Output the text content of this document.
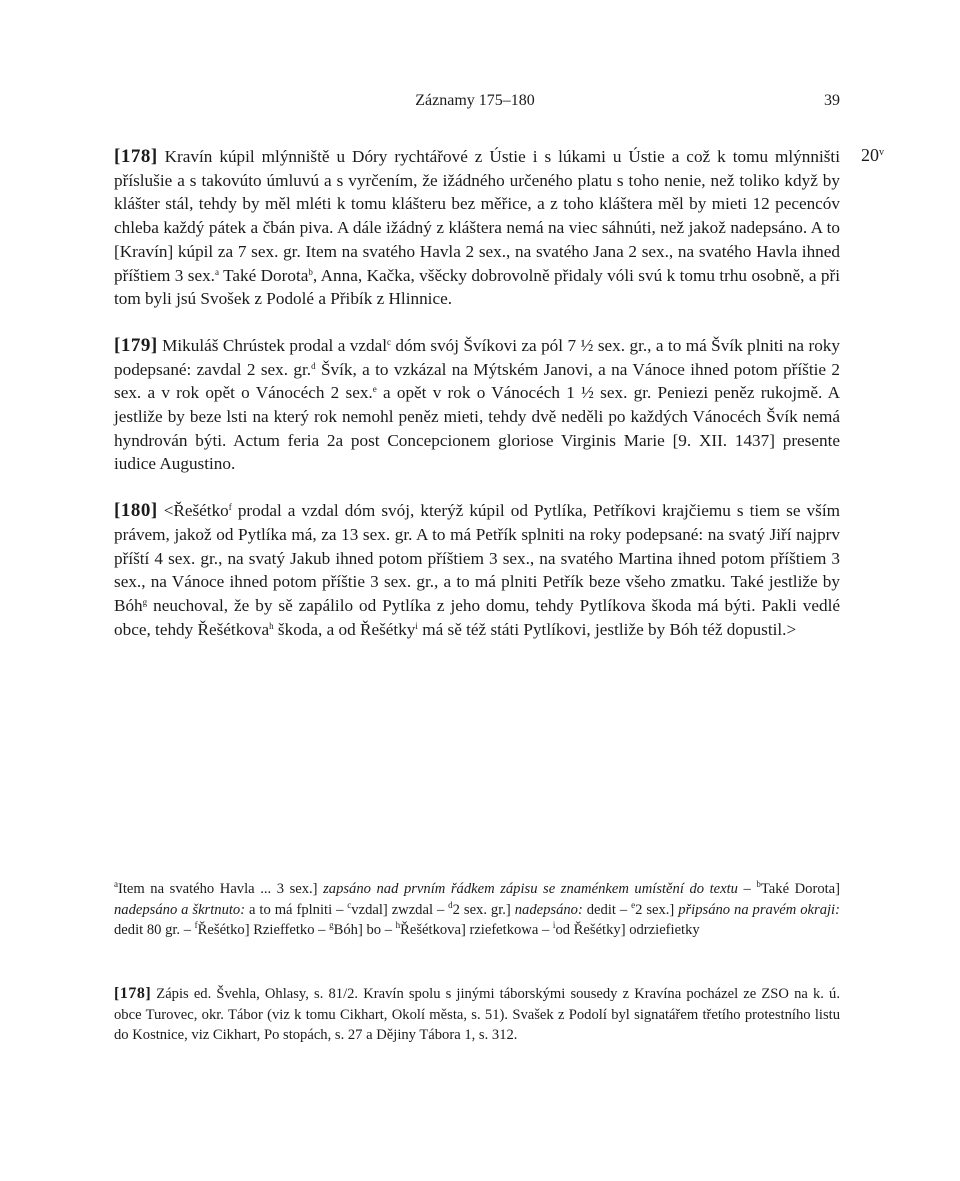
Záznamy 175–180	39
20$^v$

[178] Kravín kúpil mlýnniště u Dóry rychtářové z Ústie i s lúkami u Ústie a což k tomu mlýnništi příslušie a s takovúto úmluvú a s vyrčením, že ižádného určeného platu s toho nenie, než toliko když by klášter stál, tehdy by měl mléti k tomu klášteru bez měřice, a z toho kláštera měl by mieti 12 pecencóv chleba každý pátek a čbán piva. A dále ižádný z kláštera nemá na viec sáhnúti, než jakož nadepsáno. A to [Kravín] kúpil za 7 sex. gr. Item na svatého Havla 2 sex., na svatého Jana 2 sex., na svatého Havla ihned příštiem 3 sex.$^a$ Také Dorota$^b$, Anna, Kačka, všěcky dobrovolně přidaly vóli svú k tomu trhu osobně, a při tom byli jsú Svošek z Podolé a Přibík z Hlinnice.

[179] Mikuláš Chrústek prodal a vzdal$^c$ dóm svój Švíkovi za pól 7 ½ sex. gr., a to má Švík plniti na roky podepsané: zavdal 2 sex. gr.$^d$ Švík, a to vzkázal na Mýtském Janovi, a na Vánoce ihned potom příštie 2 sex. a v rok opět o Vánocéch 2 sex.$^e$ a opět v rok o Vánocéch 1 ½ sex. gr. Peniezi peněz rukojmě. A jestliže by beze lsti na který rok nemohl peněz mieti, tehdy dvě neděli po každých Vánocéch Švík nemá hyndrován býti. Actum feria 2a post Concepcionem gloriose Virginis Marie [9. XII. 1437] presente iudice Augustino.

[180] <Řešétko$^f$ prodal a vzdal dóm svój, kterýž kúpil od Pytlíka, Petříkovi krajčiemu s tiem se vším právem, jakož od Pytlíka má, za 13 sex. gr. A to má Petřík splniti na roky podepsané: na svatý Jiří najprv příští 4 sex. gr., na svatý Jakub ihned potom příštiem 3 sex., na svatého Martina ihned potom příštiem 3 sex., na Vánoce ihned potom příštie 3 sex. gr., a to má plniti Petřík beze všeho zmatku. Také jestliže by Bóh$^g$ neuchoval, že by sě zapálilo od Pytlíka z jeho domu, tehdy Pytlíkova škoda má býti. Pakli vedlé obce, tehdy Řešétkova$^h$ škoda, a od Řešétky$^i$ má sě též státi Pytlíkovi, jestliže by Bóh též dopustil.>

$^a$Item na svatého Havla ... 3 sex.] zapsáno nad prvním řádkem zápisu se znaménkem umístění do textu – $^b$Také Dorota] nadepsáno a škrtnuto: a to má fplniti – $^c$vzdal] zwzdal – $^d$2 sex. gr.] nadepsáno: dedit – $^e$2 sex.] připsáno na pravém okraji: dedit 80 gr. – $^f$Řešétko] Rzieffetko – $^g$Bóh] bo – $^h$Řešétkova] rziefetkowa – $^i$od Řešétky] odrziefietky

[178] Zápis ed. Švehla, Ohlasy, s. 81/2. Kravín spolu s jinými táborskými sousedy z Kravína pocházel ze ZSO na k. ú. obce Turovec, okr. Tábor (viz k tomu Cikhart, Okolí města, s. 51). Svašek z Podolí byl signatářem třetího protestního listu do Kostnice, viz Cikhart, Po stopách, s. 27 a Dějiny Tábora 1, s. 312.
